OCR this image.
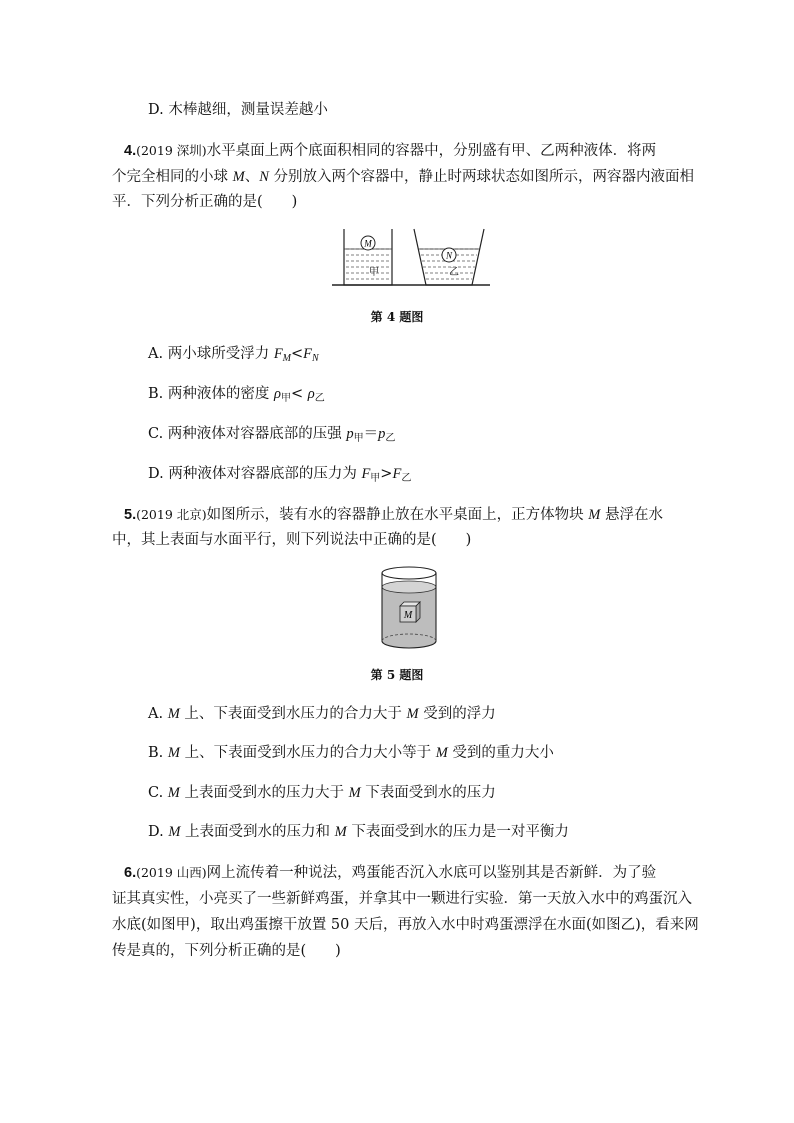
D. 木棒越细，测量误差越小
4.(2019 深圳)水平桌面上两个底面积相同的容器中，分别盛有甲、乙两种液体．将两
个完全相同的小球 M、N 分别放入两个容器中，静止时两球状态如图所示，两容器内液面相
平．下列分析正确的是(　　)
M
甲
N
乙
第 4 题图
A. 两小球所受浮力 $F_M<F_N$
B. 两种液体的密度 $\rho_甲< \rho_乙$
C. 两种液体对容器底部的压强 $p_甲=p_乙$
D. 两种液体对容器底部的压力为 $F_甲>F_乙$
5.(2019 北京)如图所示，装有水的容器静止放在水平桌面上，正方体物块 M 悬浮在水
中，其上表面与水面平行，则下列说法中正确的是(　　)
M
第 5 题图
A. M 上、下表面受到水压力的合力大于 M 受到的浮力
B. M 上、下表面受到水压力的合力大小等于 M 受到的重力大小
C. M 上表面受到水的压力大于 M 下表面受到水的压力
D. M 上表面受到水的压力和 M 下表面受到水的压力是一对平衡力
6.(2019 山西)网上流传着一种说法，鸡蛋能否沉入水底可以鉴别其是否新鲜．为了验
证其真实性，小亮买了一些新鲜鸡蛋，并拿其中一颗进行实验．第一天放入水中的鸡蛋沉入
水底(如图甲)，取出鸡蛋擦干放置 50 天后，再放入水中时鸡蛋漂浮在水面(如图乙)，看来网
传是真的，下列分析正确的是(　　)
